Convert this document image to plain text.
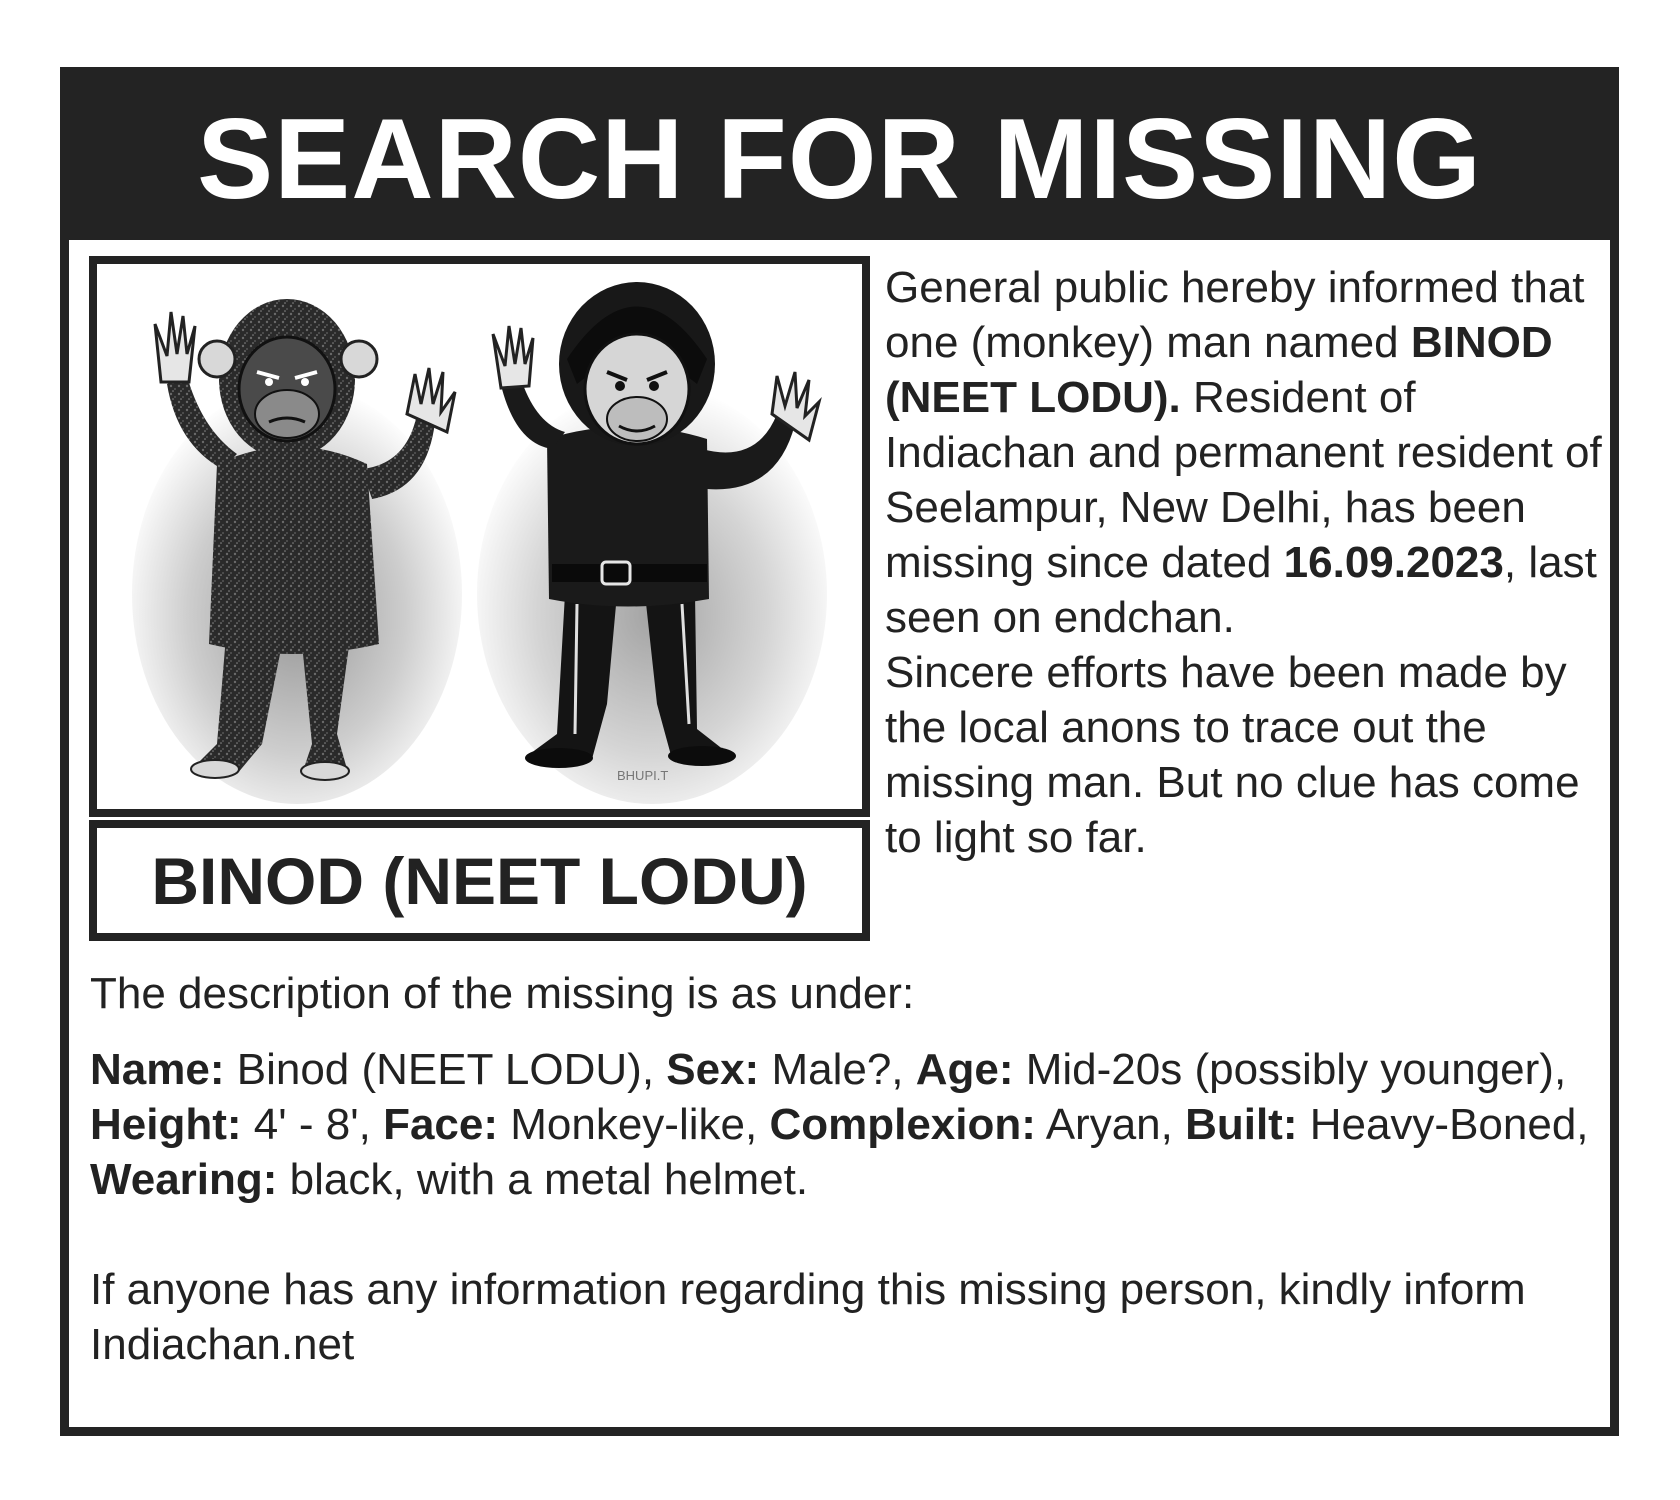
SEARCH FOR MISSING
BHUPI.T
BINOD (NEET LODU)

General public hereby informed that one (monkey) man named BINOD (NEET LODU). Resident of Indiachan and permanent resident of Seelampur, New Delhi, has been missing since dated 16.09.2023, last seen on endchan.

Sincere efforts have been made by the local anons to trace out the missing man. But no clue has come to light so far.

The description of the missing is as under:
Name: Binod (NEET LODU), Sex: Male?, Age: Mid-20s (possibly younger), Height: 4' - 8', Face: Monkey-like, Complexion: Aryan, Built: Heavy-Boned, Wearing: black, with a metal helmet.
If anyone has any information regarding this missing person, kindly inform Indiachan.net
